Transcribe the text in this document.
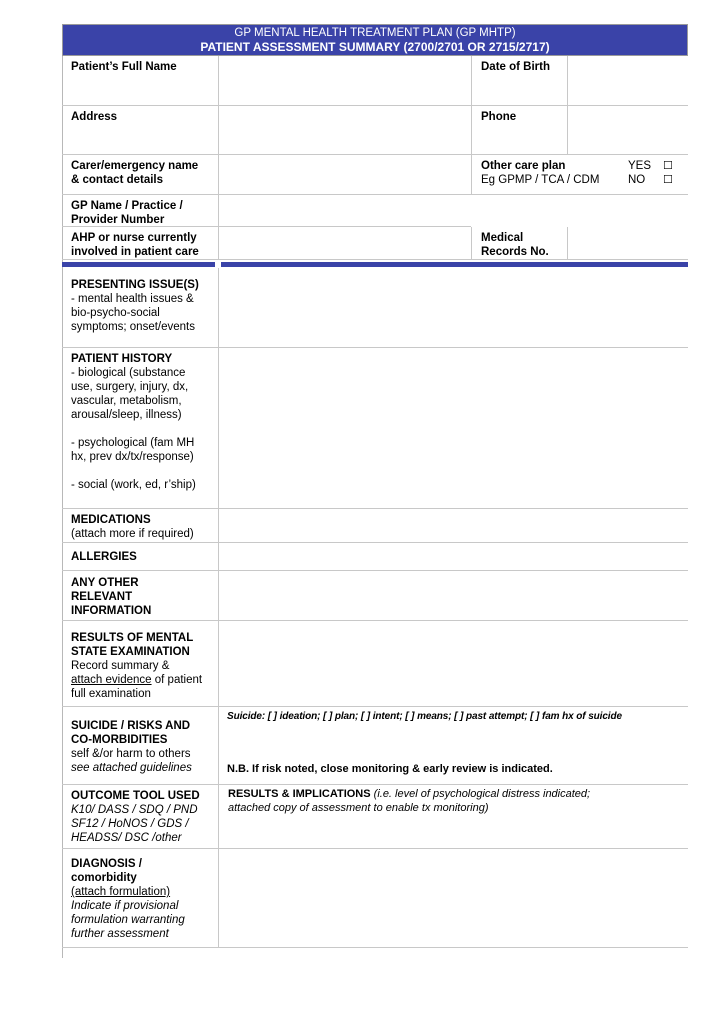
GP MENTAL HEALTH TREATMENT PLAN (GP MHTP)
PATIENT ASSESSMENT SUMMARY (2700/2701 OR 2715/2717)
Patient’s Full Name	Date of Birth
Address	Phone
Carer/emergency name
& contact details
Other care plan
Eg GPMP / TCA / CDM
YES ☐
NO ☐
GP Name / Practice /
Provider Number
AHP or nurse currently
involved in patient care
Medical
Records No.
PRESENTING ISSUE(S)
- mental health issues &
bio-psycho-social
symptoms; onset/events
PATIENT HISTORY
- biological (substance
use, surgery, injury, dx,
vascular, metabolism,
arousal/sleep, illness)
- psychological (fam MH
hx, prev dx/tx/response)
- social (work, ed, r’ship)
MEDICATIONS
(attach more if required)
ALLERGIES
ANY OTHER
RELEVANT
INFORMATION
RESULTS OF MENTAL
STATE EXAMINATION
Record summary &
attach evidence of patient
full examination
SUICIDE / RISKS AND
CO-MORBIDITIES
self &/or harm to others
see attached guidelines
Suicide: [ ] ideation; [ ] plan; [ ] intent; [ ] means; [ ] past attempt; [ ] fam hx of suicide
N.B. If risk noted, close monitoring & early review is indicated.
OUTCOME TOOL USED
K10/ DASS / SDQ / PND
SF12 / HoNOS / GDS /
HEADSS/ DSC /other
RESULTS & IMPLICATIONS (i.e. level of psychological distress indicated;
attached copy of assessment to enable tx monitoring)
DIAGNOSIS /
comorbidity
(attach formulation)
Indicate if provisional
formulation warranting
further assessment
